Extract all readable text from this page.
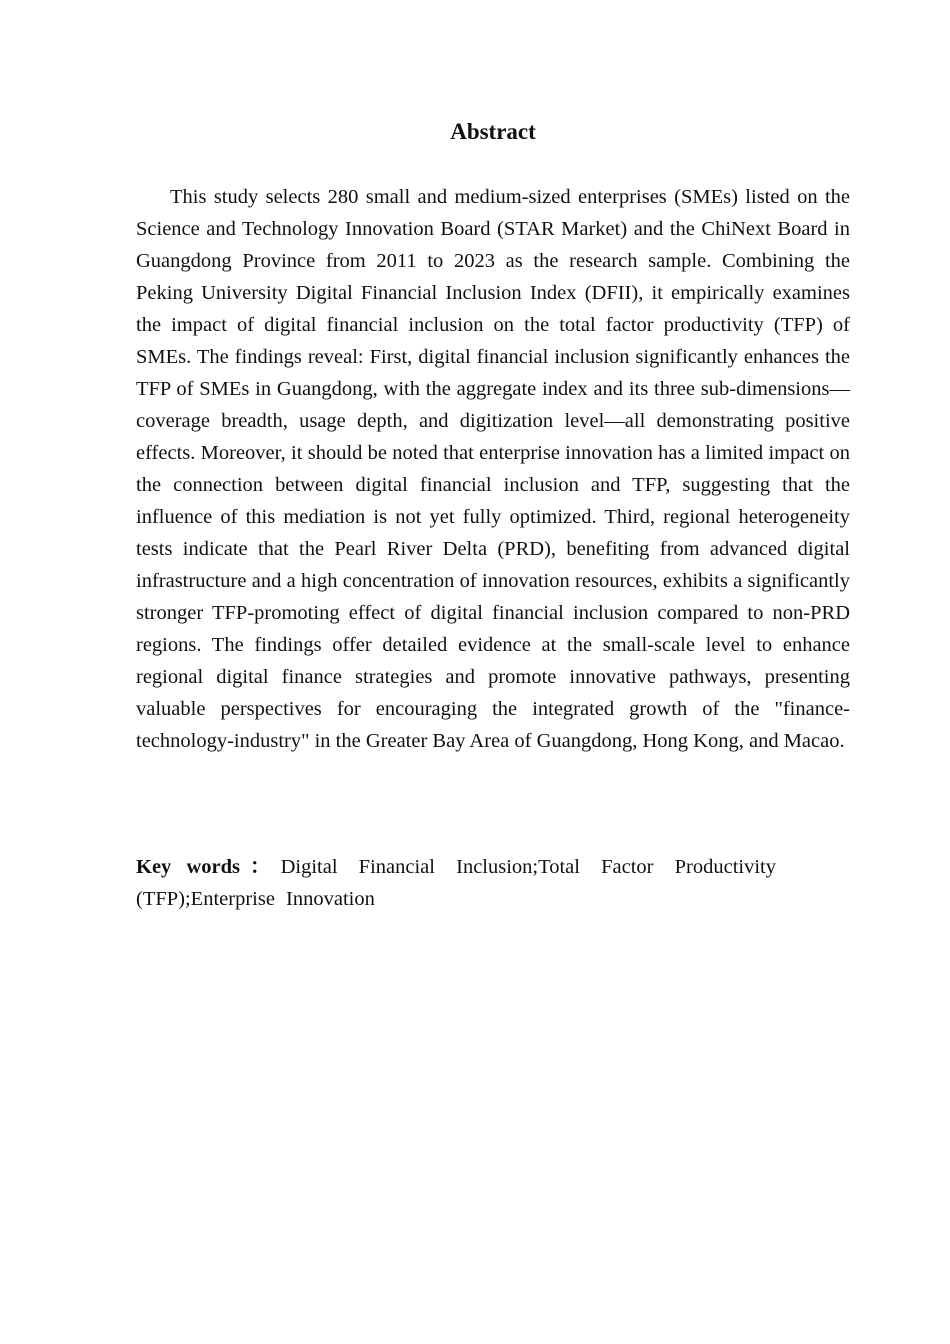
Abstract

This study selects 280 small and medium-sized enterprises (SMEs) listed on the Science and Technology Innovation Board (STAR Market) and the ChiNext Board in Guangdong Province from 2011 to 2023 as the research sample. Combining the Peking University Digital Financial Inclusion Index (DFII), it empirically examines the impact of digital financial inclusion on the total factor productivity (TFP) of SMEs. The findings reveal: First, digital financial inclusion significantly enhances the TFP of SMEs in Guangdong, with the aggregate index and its three sub-dimensions—coverage breadth, usage depth, and digitization level—all demonstrating positive effects. Moreover, it should be noted that enterprise innovation has a limited impact on the connection between digital financial inclusion and TFP, suggesting that the influence of this mediation is not yet fully optimized. Third, regional heterogeneity tests indicate that the Pearl River Delta (PRD), benefiting from advanced digital infrastructure and a high concentration of innovation resources, exhibits a significantly stronger TFP-promoting effect of digital financial inclusion compared to non-PRD regions. The findings offer detailed evidence at the small-scale level to enhance regional digital finance strategies and promote innovative pathways, presenting valuable perspectives for encouraging the integrated growth of the "finance-technology-industry" in the Greater Bay Area of Guangdong, Hong Kong, and Macao.

Key words：Digital Financial Inclusion;Total Factor Productivity (TFP);Enterprise Innovation
